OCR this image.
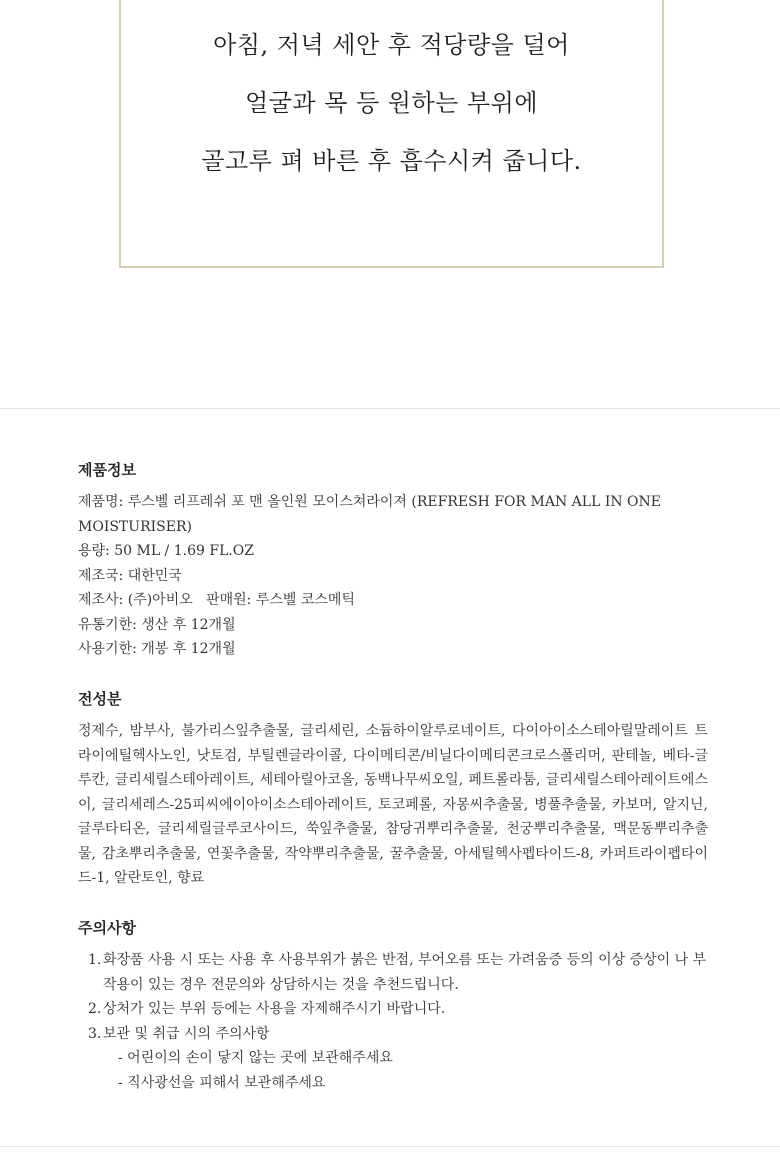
아침, 저녁 세안 후 적당량을 덜어
얼굴과 목 등 원하는 부위에
골고루 펴 바른 후 흡수시켜 줍니다.
제품정보

제품명: 루스벨 리프레쉬 포 맨 올인원 모이스쳐라이져 (REFRESH FOR MAN ALL IN ONE MOISTURISER)

용량: 50 ML / 1.69 FL.OZ

제조국: 대한민국

제조사: (주)아비오   판매원: 루스벨 코스메틱

유통기한: 생산 후 12개월

사용기한: 개봉 후 12개월

전성분

정제수, 밤부사, 불가리스잎추출물, 글리세린, 소듐하이알루로네이트, 다이아이소스테아릴말레이트 트라이에틸헥사노인, 낫토검, 부틸렌글라이콜, 다이메티콘/비닐다이메티콘크로스폴리머, 판테놀, 베타-글루칸, 글리세릴스테아레이트, 세테아릴아코올, 동백나무씨오일, 페트롤라툼, 글리세릴스테아레이트에스이, 글리세레스-25피씨에이아이소스테아레이트, 토코페롤, 자몽씨추출물, 병풀추출물, 카보머, 알지닌, 글루타티온, 글리세릴글루코사이드, 쑥잎추출물, 참당귀뿌리추출물, 천궁뿌리추출물, 맥문동뿌리추출물, 감초뿌리추출물, 연꽃추출물, 작약뿌리추출물, 꿀추출물, 아세틸헥사펩타이드-8, 카퍼트라이펩타이드-1, 알란토인, 향료

주의사항
1. 화장품 사용 시 또는 사용 후 사용부위가 붉은 반점, 부어오름 또는 가려움증 등의 이상 증상이 나 부작용이 있는 경우 전문의와 상담하시는 것을 추천드립니다.
2. 상처가 있는 부위 등에는 사용을 자제해주시기 바랍니다.
3. 보관 및 취급 시의 주의사항
- 어린이의 손이 닿지 않는 곳에 보관해주세요
- 직사광선을 피해서 보관해주세요
